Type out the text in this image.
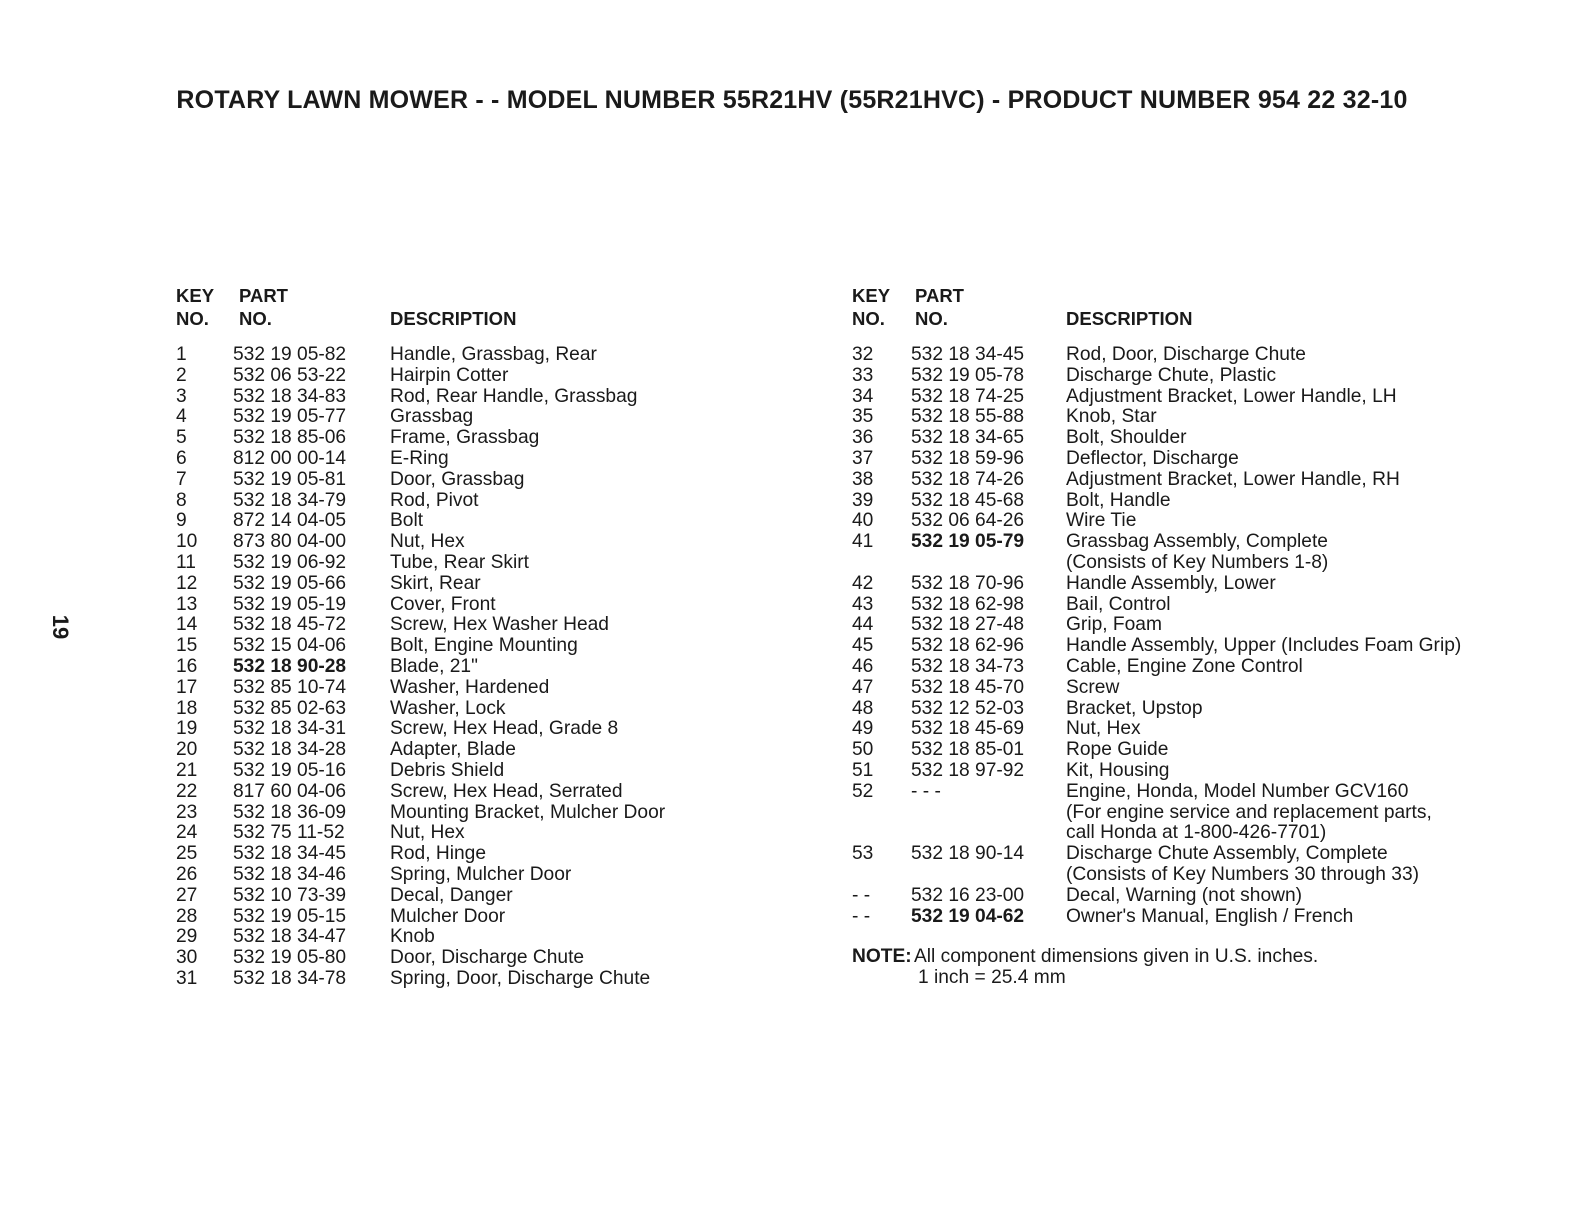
ROTARY LAWN MOWER - - MODEL NUMBER 55R21HV (55R21HVC) - PRODUCT NUMBER 954 22 32-10
19
KEY
NO.
PART
NO.	DESCRIPTION
1 532 19 05-82 Handle, Grassbag, Rear
2 532 06 53-22 Hairpin Cotter
3 532 18 34-83 Rod, Rear Handle, Grassbag
4 532 19 05-77 Grassbag
5 532 18 85-06 Frame, Grassbag
6 812 00 00-14 E-Ring
7 532 19 05-81 Door, Grassbag
8 532 18 34-79 Rod, Pivot
9 872 14 04-05 Bolt
10 873 80 04-00 Nut, Hex
11 532 19 06-92 Tube, Rear Skirt
12 532 19 05-66 Skirt, Rear
13 532 19 05-19 Cover, Front
14 532 18 45-72 Screw, Hex Washer Head
15 532 15 04-06 Bolt, Engine Mounting
16 532 18 90-28 Blade, 21"
17 532 85 10-74 Washer, Hardened
18 532 85 02-63 Washer, Lock
19 532 18 34-31 Screw, Hex Head, Grade 8
20 532 18 34-28 Adapter, Blade
21 532 19 05-16 Debris Shield
22 817 60 04-06 Screw, Hex Head, Serrated
23 532 18 36-09 Mounting Bracket, Mulcher Door
24 532 75 11-52 Nut, Hex
25 532 18 34-45 Rod, Hinge
26 532 18 34-46 Spring, Mulcher Door
27 532 10 73-39 Decal, Danger
28 532 19 05-15 Mulcher Door
29 532 18 34-47 Knob
30 532 19 05-80 Door, Discharge Chute
31 532 18 34-78 Spring, Door, Discharge Chute
KEY
NO.
PART
NO.	DESCRIPTION
32 532 18 34-45 Rod, Door, Discharge Chute
33 532 19 05-78 Discharge Chute, Plastic
34 532 18 74-25 Adjustment Bracket, Lower Handle, LH
35 532 18 55-88 Knob, Star
36 532 18 34-65 Bolt, Shoulder
37 532 18 59-96 Deflector, Discharge
38 532 18 74-26 Adjustment Bracket, Lower Handle, RH
39 532 18 45-68 Bolt, Handle
40 532 06 64-26 Wire Tie
41 532 19 05-79 Grassbag Assembly, Complete
(Consists of Key Numbers 1-8)
42 532 18 70-96 Handle Assembly, Lower
43 532 18 62-98 Bail, Control
44 532 18 27-48 Grip, Foam
45 532 18 62-96 Handle Assembly, Upper (Includes Foam Grip)
46 532 18 34-73 Cable, Engine Zone Control
47 532 18 45-70 Screw
48 532 12 52-03 Bracket, Upstop
49 532 18 45-69 Nut, Hex
50 532 18 85-01 Rope Guide
51 532 18 97-92 Kit, Housing
52 - - -	Engine, Honda, Model Number GCV160
(For engine service and replacement parts,
call Honda at 1-800-426-7701)
53 532 18 90-14 Discharge Chute Assembly, Complete
(Consists of Key Numbers 30 through 33)
- - 532 16 23-00 Decal, Warning (not shown)
- - 532 19 04-62 Owner's Manual, English / French
NOTE: All component dimensions given in U.S. inches.
1 inch = 25.4 mm
